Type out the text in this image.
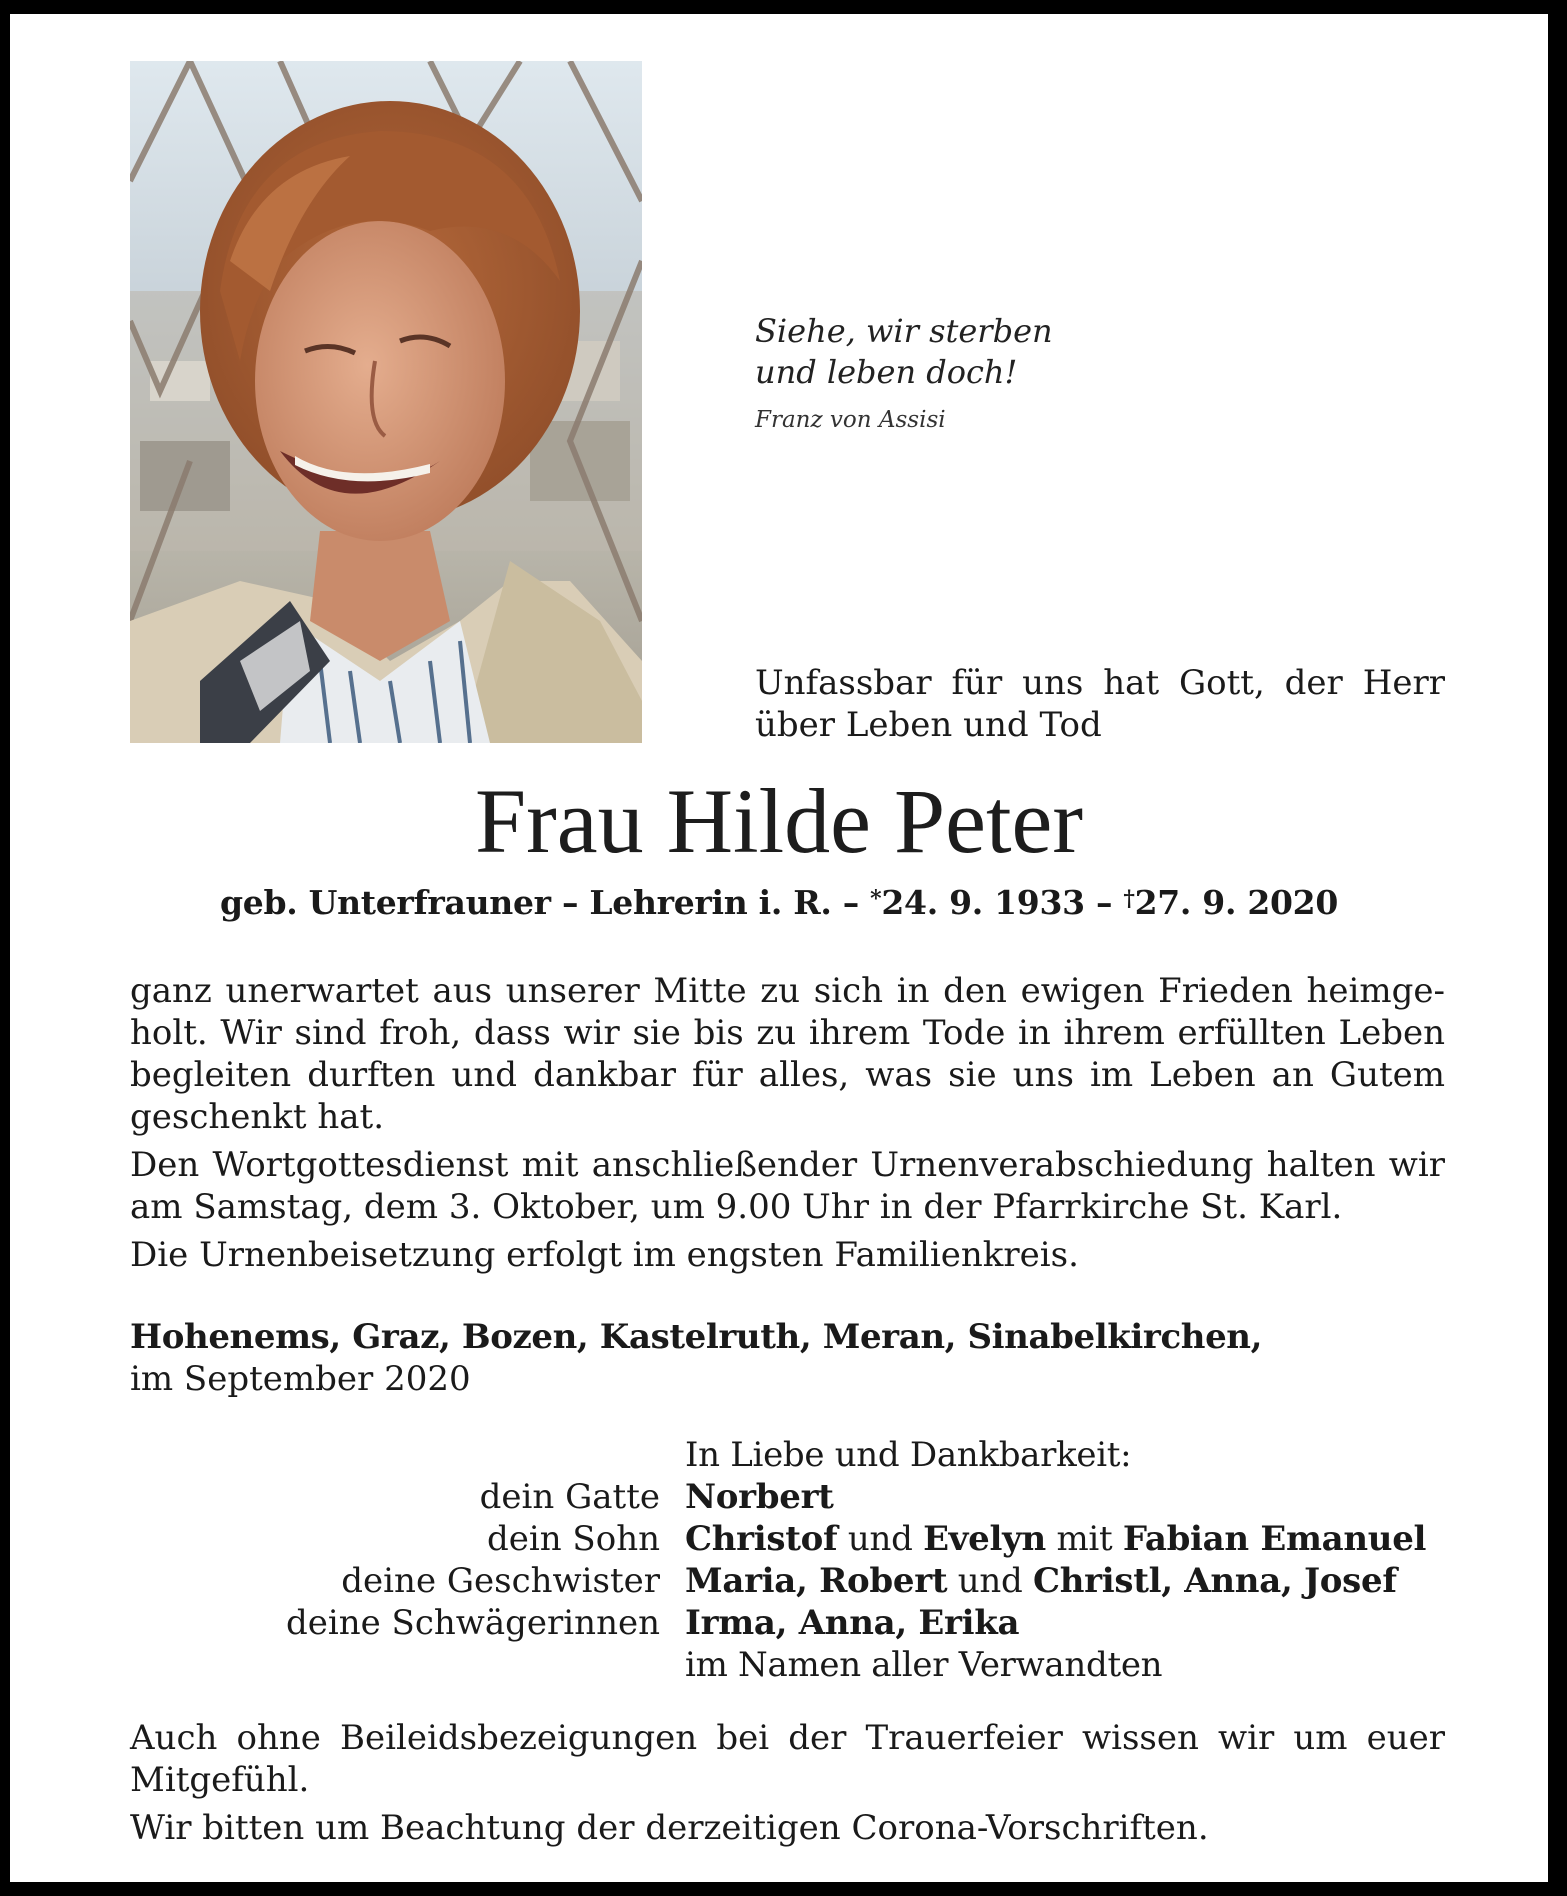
Siehe, wir sterben
und leben doch!
Franz von Assisi
Unfassbar für uns hat Gott, der Herr
über Leben und Tod
Frau Hilde Peter
geb. Unterfrauner – Lehrerin i. R. – *24. 9. 1933 – †27. 9. 2020

ganz unerwartet aus unserer Mitte zu sich in den ewigen Frieden heimge-
holt. Wir sind froh, dass wir sie bis zu ihrem Tode in ihrem erfüllten Leben
begleiten durften und dankbar für alles, was sie uns im Leben an Gutem
geschenkt hat.

Den Wortgottesdienst mit anschließender Urnenverabschiedung halten wir
am Samstag, dem 3. Oktober, um 9.00 Uhr in der Pfarrkirche St. Karl.

Die Urnenbeisetzung erfolgt im engsten Familienkreis.

Hohenems, Graz, Bozen, Kastelruth, Meran, Sinabelkirchen,
im September 2020
In Liebe und Dankbarkeit:
dein Gatte Norbert
dein Sohn Christof und Evelyn mit Fabian Emanuel
deine Geschwister Maria, Robert und Christl, Anna, Josef
deine Schwägerinnen Irma, Anna, Erika
im Namen aller Verwandten

Auch ohne Beileidsbezeigungen bei der Trauerfeier wissen wir um euer
Mitgefühl.

Wir bitten um Beachtung der derzeitigen Corona-Vorschriften.
